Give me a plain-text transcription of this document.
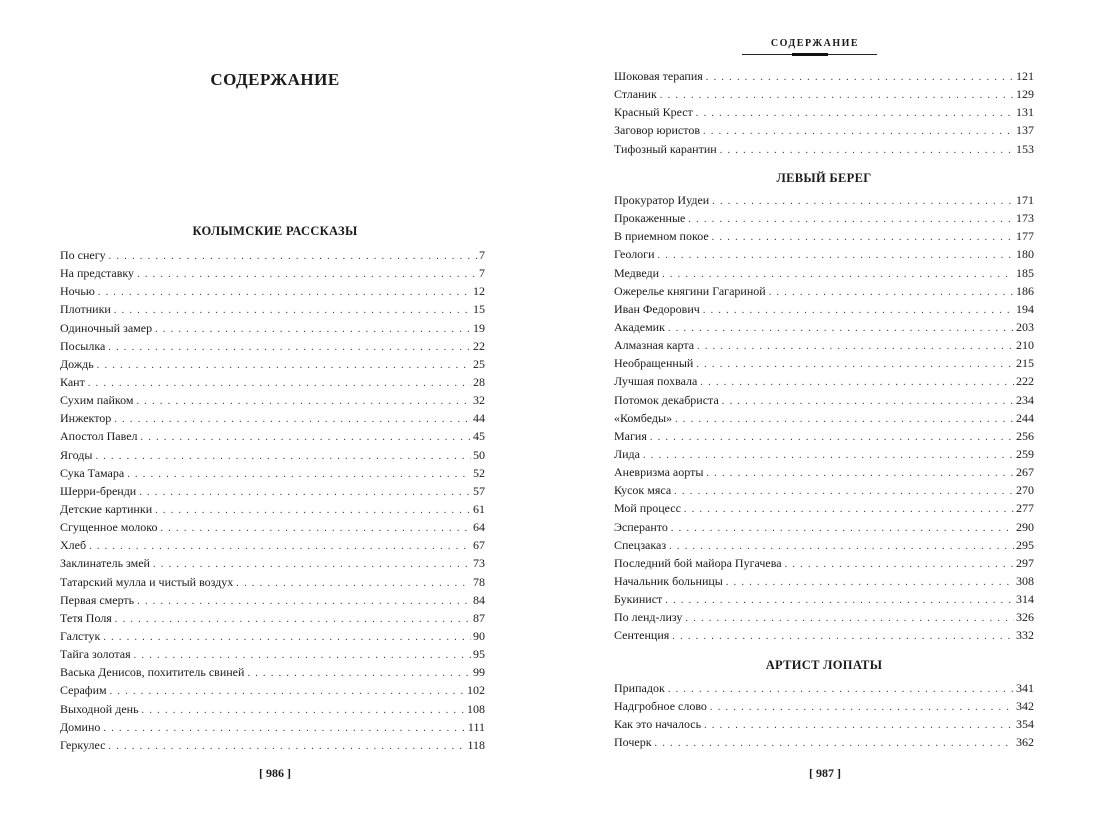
СОДЕРЖАНИЕ
КОЛЫМСКИЕ РАССКАЗЫ
По снегу . . .	7
На представку . . .	7
Ночью . . .	12
Плотники . . .	15
Одиночный замер . . .	19
Посылка . . .	22
Дождь . . .	25
Кант . . .	28
Сухим пайком . . .	32
Инжектор . . .	44
Апостол Павел . . .	45
Ягоды . . .	50
Сука Тамара . . .	52
Шерри-бренди . . .	57
Детские картинки . . .	61
Сгущенное молоко . . .	64
Хлеб . . .	67
Заклинатель змей . . .	73
Татарский мулла и чистый воздух . . .	78
Первая смерть . . .	84
Тетя Поля . . .	87
Галстук . . .	90
Тайга золотая . . .	95
Васька Денисов, похититель свиней . . .	99
Серафим . . .	102
Выходной день . . .	108
Домино . . .	111
Геркулес . . .	118
[ 986 ]
СОДЕРЖАНИЕ
Шоковая терапия . . .	121
Стланик . . .	129
Красный Крест . . .	131
Заговор юристов . . .	137
Тифозный карантин . . .	153
ЛЕВЫЙ БЕРЕГ
Прокуратор Иудеи . . .	171
Прокаженные . . .	173
В приемном покое . . .	177
Геологи . . .	180
Медведи . . .	185
Ожерелье княгини Гагариной . . .	186
Иван Федорович . . .	194
Академик . . .	203
Алмазная карта . . .	210
Необращенный . . .	215
Лучшая похвала . . .	222
Потомок декабриста . . .	234
«Комбеды» . . .	244
Магия . . .	256
Лида . . .	259
Аневризма аорты . . .	267
Кусок мяса . . .	270
Мой процесс . . .	277
Эсперанто . . .	290
Спецзаказ . . .	295
Последний бой майора Пугачева . . .	297
Начальник больницы . . .	308
Букинист . . .	314
По ленд-лизу . . .	326
Сентенция . . .	332
АРТИСТ ЛОПАТЫ
Припадок . . .	341
Надгробное слово . . .	342
Как это началось . . .	354
Почерк . . .	362
[ 987 ]
